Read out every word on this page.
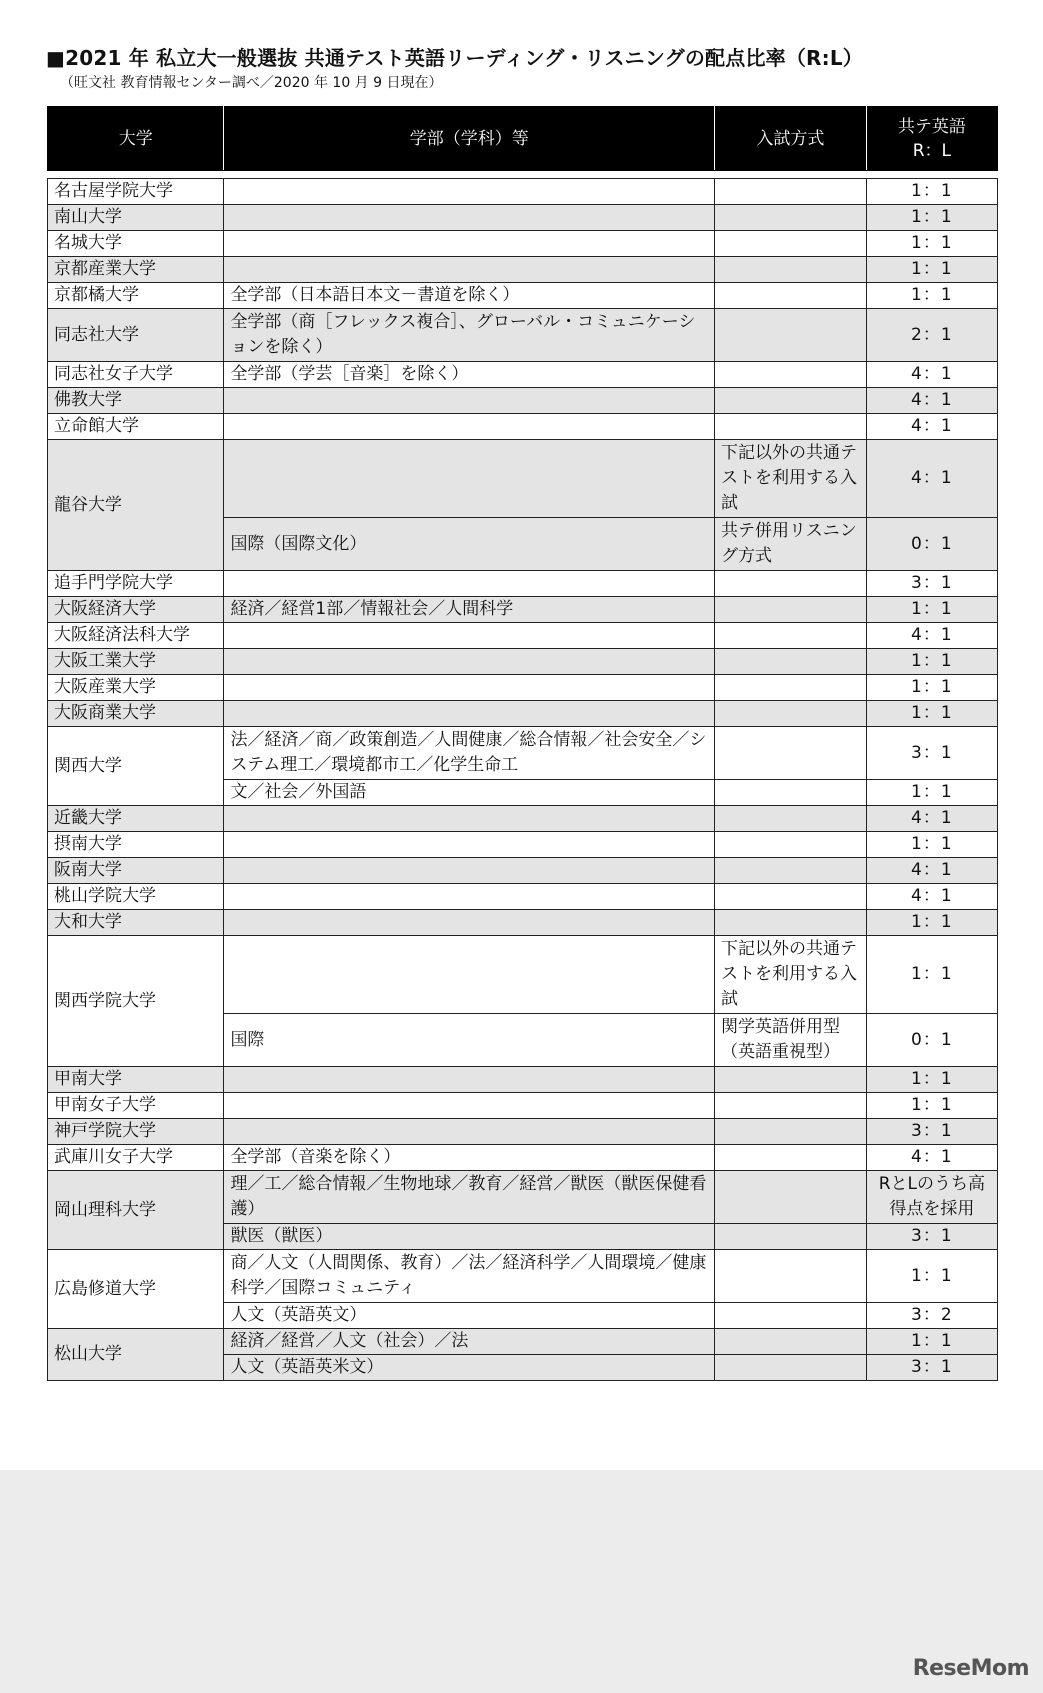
■2021 年 私立大一般選抜 共通テスト英語リーディング・リスニングの配点比率（R:L）
（旺文社 教育情報センター調べ／2020 年 10 月 9 日現在）
大学	学部（学科）等	入試方式	共テ英語
R：L

名古屋学院大学			1：1
南山大学			1：1
名城大学			1：1
京都産業大学			1：1
京都橘大学	全学部（日本語日本文－書道を除く）		1：1
同志社大学	全学部（商［フレックス複合］、グローバル・コミュニケーションを除く）		2：1
同志社女子大学	全学部（学芸［音楽］を除く）		4：1
佛教大学			4：1
立命館大学			4：1
龍谷大学		下記以外の共通テストを利用する入試	4：1
	国際（国際文化）	共テ併用リスニング方式	0：1
追手門学院大学			3：1
大阪経済大学	経済／経営1部／情報社会／人間科学		1：1
大阪経済法科大学			4：1
大阪工業大学			1：1
大阪産業大学			1：1
大阪商業大学			1：1
関西大学	法／経済／商／政策創造／人間健康／総合情報／社会安全／システム理工／環境都市工／化学生命工		3：1
	文／社会／外国語		1：1
近畿大学			4：1
摂南大学			1：1
阪南大学			4：1
桃山学院大学			4：1
大和大学			1：1
関西学院大学		下記以外の共通テストを利用する入試	1：1
	国際	関学英語併用型（英語重視型）	0：1
甲南大学			1：1
甲南女子大学			1：1
神戸学院大学			3：1
武庫川女子大学	全学部（音楽を除く）		4：1
岡山理科大学	理／工／総合情報／生物地球／教育／経営／獣医（獣医保健看護）		RとLのうち高得点を採用
	獣医（獣医）		3：1
広島修道大学	商／人文（人間関係、教育）／法／経済科学／人間環境／健康科学／国際コミュニティ		1：1
	人文（英語英文）		3：2
松山大学	経済／経営／人文（社会）／法		1：1
	人文（英語英米文）		3：1
ReseMom
